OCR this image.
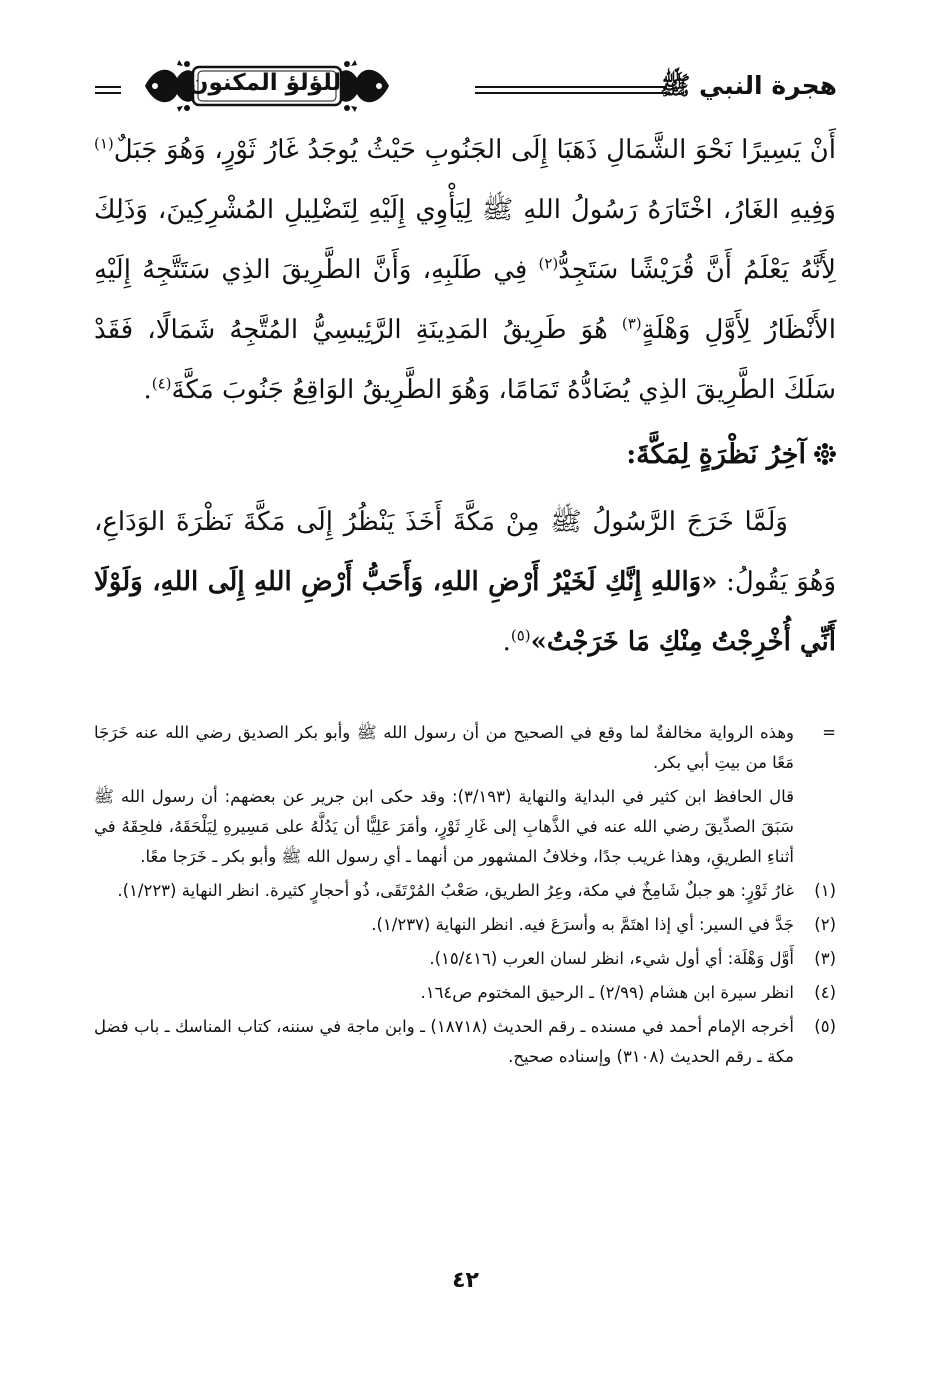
هجرة النبي ﷺ
اللؤلؤ المكنون

أَنْ يَسِيرًا نَحْوَ الشَّمَالِ ذَهَبَا إِلَى الجَنُوبِ حَيْثُ يُوجَدُ غَارُ ثَوْرٍ، وَهُوَ جَبَلٌ$^{(١)}$ وَفِيهِ الغَارُ، اخْتَارَهُ رَسُولُ اللهِ ﷺ لِيَأْوِي إِلَيْهِ لِتَضْلِيلِ المُشْرِكِينَ، وَذَلِكَ لِأَنَّهُ يَعْلَمُ أَنَّ قُرَيْشًا سَتَجِدُّ$^{(٢)}$ فِي طَلَبِهِ، وَأَنَّ الطَّرِيقَ الذِي سَتَتَّجِهُ إِلَيْهِ الأَنْظَارُ لِأَوَّلِ وَهْلَةٍ$^{(٣)}$ هُوَ طَرِيقُ المَدِينَةِ الرَّئِيسِيُّ المُتَّجِهُ شَمَالًا، فَقَدْ سَلَكَ الطَّرِيقَ الذِي يُضَادُّهُ تَمَامًا، وَهُوَ الطَّرِيقُ الوَاقِعُ جَنُوبَ مَكَّةَ$^{(٤)}$.

آخِرُ نَظْرَةٍ لِمَكَّةَ:

وَلَمَّا خَرَجَ الرَّسُولُ ﷺ مِنْ مَكَّةَ أَخَذَ يَنْظُرُ إِلَى مَكَّةَ نَظْرَةَ الوَدَاعِ، وَهُوَ يَقُولُ: «وَاللهِ إِنَّكِ لَخَيْرُ أَرْضِ اللهِ، وَأَحَبُّ أَرْضِ اللهِ إِلَى اللهِ، وَلَوْلَا أَنِّي أُخْرِجْتُ مِنْكِ مَا خَرَجْتُ»$^{(٥)}$.

=
وهذه الرواية مخالفةٌ لما وقع في الصحيح من أن رسول الله ﷺ وأبو بكر الصديق رضي الله عنه خَرَجَا مَعًا من بيتِ أبي بكر.
قال الحافظ ابن كثير في البداية والنهاية (٣/١٩٣): وقد حكى ابن جرير عن بعضهم: أن رسول الله ﷺ سَبَقَ الصدِّيقَ رضي الله عنه في الذَّهابِ إلى غَارِ ثَوْرٍ، وأمَرَ عَلِيًّا أن يَدُلَّهُ على مَسِيرهِ لِيَلْحَقَهُ، فلحِقَهُ في أثناءِ الطريقِ، وهذا غريب جدًا، وخلافُ المشهور من أنهما ـ أي رسول الله ﷺ وأبو بكر ـ خَرَجا معًا.
(١)
غارُ ثَوْرٍ: هو جبلٌ شَامِخٌ في مكة، وعِرُ الطريق، صَعْبُ المُرْتَقَى، ذُو أحجارٍ كثيرة. انظر النهاية (١/٢٢٣).
(٢)
جَدَّ في السير: أي إذا اهتَمَّ به وأسرَعَ فيه. انظر النهاية (١/٢٣٧).
(٣)
أَوَّل وَهْلَة: أي أول شيء، انظر لسان العرب (١٥/٤١٦).
(٤)
انظر سيرة ابن هشام (٢/٩٩) ـ الرحيق المختوم ص١٦٤.
(٥)
أخرجه الإمام أحمد في مسنده ـ رقم الحديث (١٨٧١٨) ـ وابن ماجة في سننه، كتاب المناسك ـ باب فضل مكة ـ رقم الحديث (٣١٠٨) وإسناده صحيح.
٤٢
